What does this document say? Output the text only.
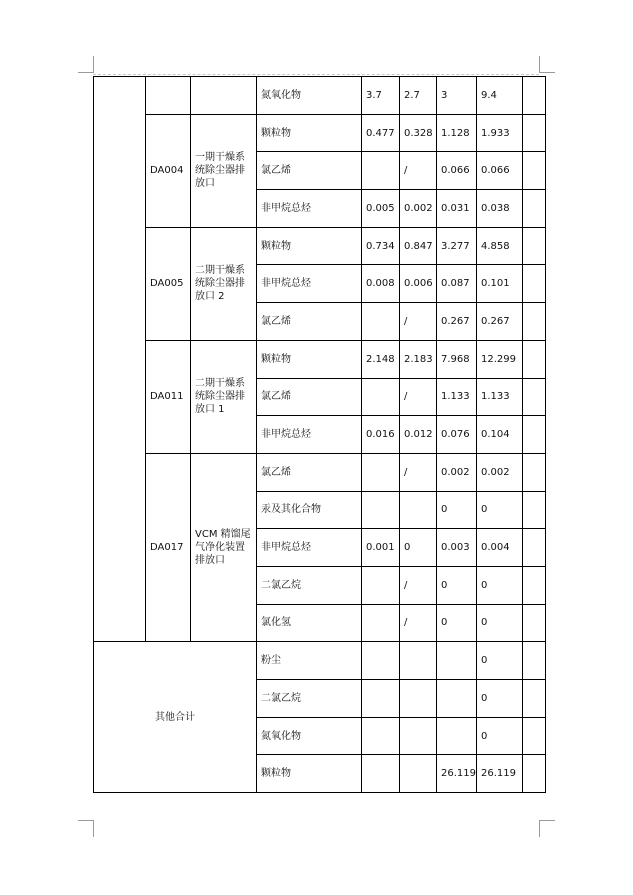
			氮氧化物	3.7	2.7	3	9.4	
	DA004	一期干燥系统除尘器排放口	颗粒物	0.477	0.328	1.128	1.933	
			氯乙烯		/	0.066	0.066	
			非甲烷总烃	0.005	0.002	0.031	0.038	
	DA005	二期干燥系统除尘器排放口 2	颗粒物	0.734	0.847	3.277	4.858	
			非甲烷总烃	0.008	0.006	0.087	0.101	
			氯乙烯		/	0.267	0.267	
	DA011	二期干燥系统除尘器排放口 1	颗粒物	2.148	2.183	7.968	12.299	
			氯乙烯		/	1.133	1.133	
			非甲烷总烃	0.016	0.012	0.076	0.104	
	DA017	VCM 精馏尾气净化装置排放口	氯乙烯		/	0.002	0.002	
			汞及其化合物			0	0	
			非甲烷总烃	0.001	0	0.003	0.004	
			二氯乙烷		/	0	0	
			氯化氢		/	0	0	
其他合计			粉尘				0	
			二氯乙烷				0	
			氮氧化物				0	
			颗粒物			26.119	26.119	
